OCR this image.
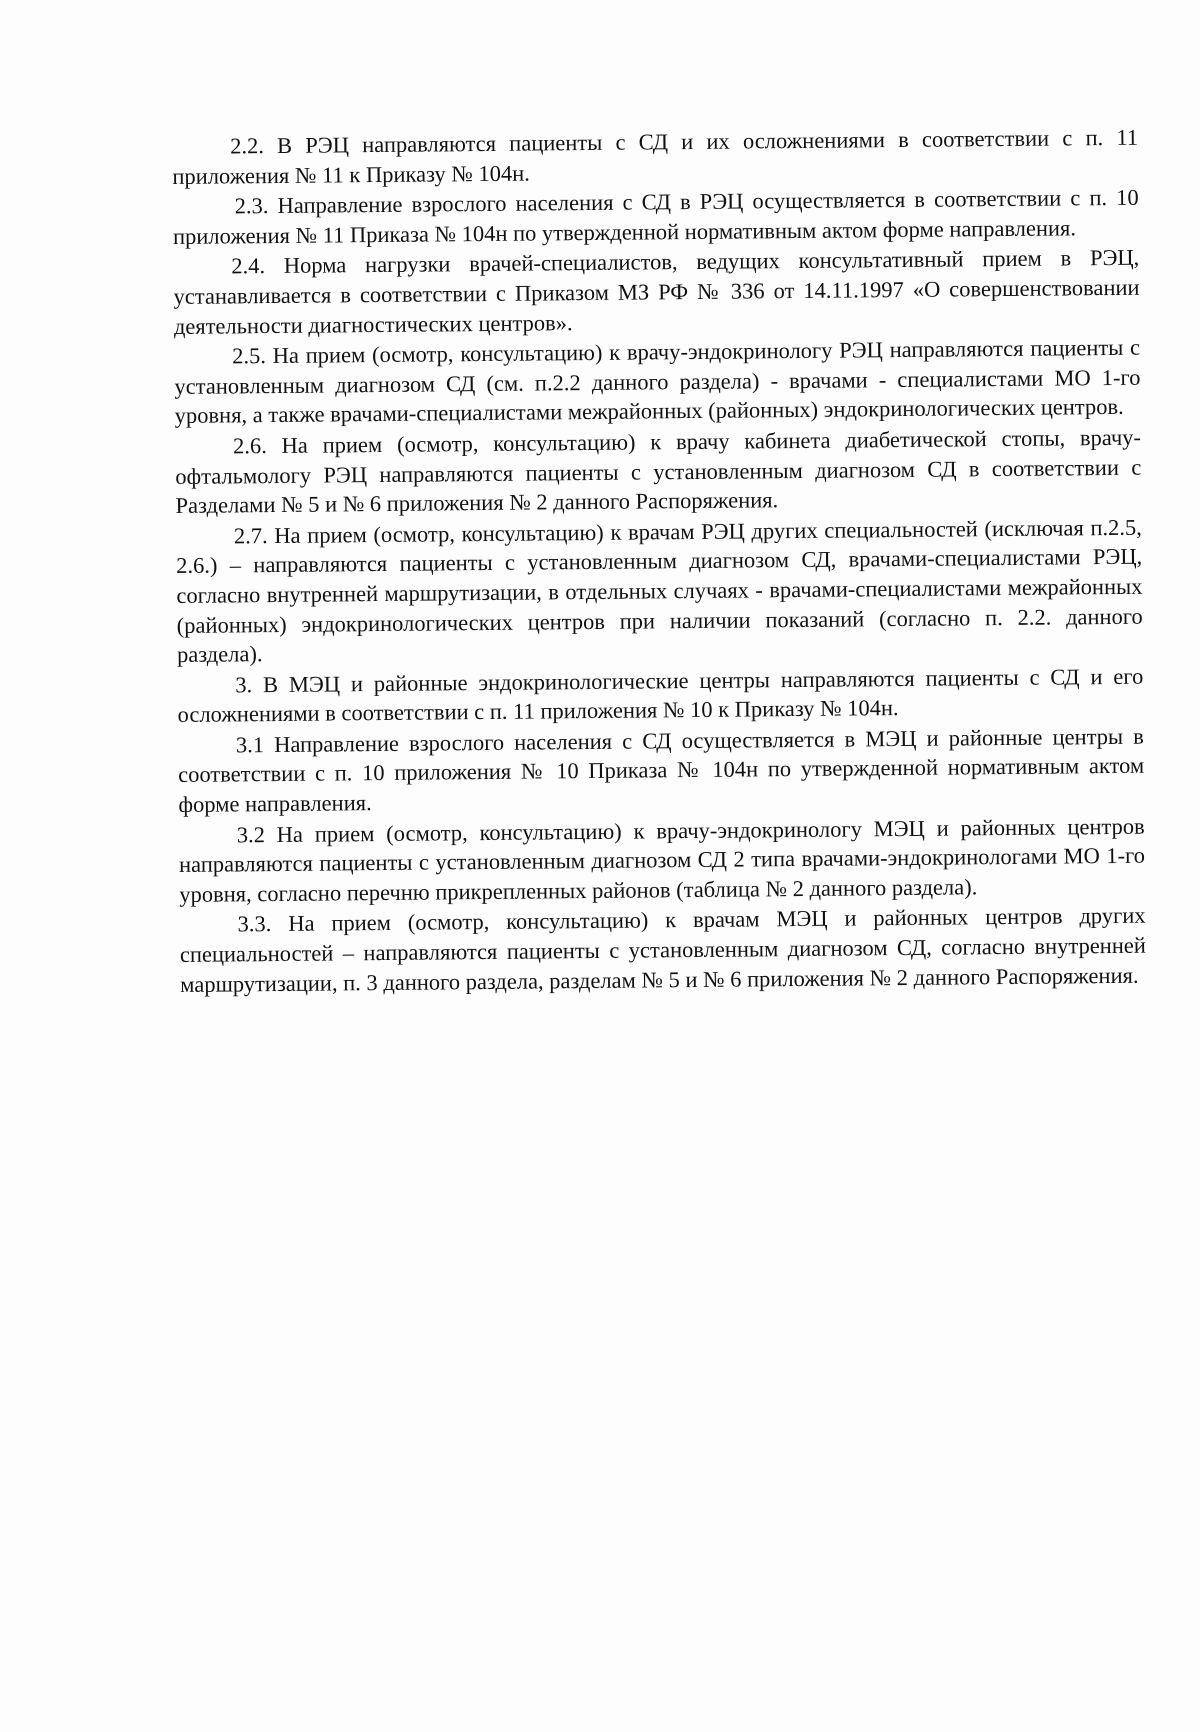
2.2. В РЭЦ направляются пациенты с СД и их осложнениями в соответствии с п. 11 приложения № 11 к Приказу № 104н.

2.3. Направление взрослого населения с СД в РЭЦ осуществляется в соответствии с п. 10 приложения № 11 Приказа № 104н по утвержденной нормативным актом форме направления.

2.4. Норма нагрузки врачей-специалистов, ведущих консультативный прием в РЭЦ, устанавливается в соответствии с Приказом МЗ РФ № 336 от 14.11.1997 «О совершенствовании деятельности диагностических центров».

2.5. На прием (осмотр, консультацию) к врачу-эндокринологу РЭЦ направляются пациенты с установленным диагнозом СД (см. п.2.2 данного раздела) - врачами - специалистами МО 1-го уровня, а также врачами-специалистами межрайонных (районных) эндокринологических центров.

2.6. На прием (осмотр, консультацию) к врачу кабинета диабетической стопы, врачу-офтальмологу РЭЦ направляются пациенты с установленным диагнозом СД в соответствии с Разделами № 5 и № 6 приложения № 2 данного Распоряжения.

2.7. На прием (осмотр, консультацию) к врачам РЭЦ других специальностей (исключая п.2.5, 2.6.) – направляются пациенты с установленным диагнозом СД, врачами-специалистами РЭЦ, согласно внутренней маршрутизации, в отдельных случаях - врачами-специалистами межрайонных (районных) эндокринологических центров при наличии показаний (согласно п. 2.2. данного раздела).

3. В МЭЦ и районные эндокринологические центры направляются пациенты с СД и его осложнениями в соответствии с п. 11 приложения № 10 к Приказу № 104н.

3.1 Направление взрослого населения с СД осуществляется в МЭЦ и районные центры в соответствии с п. 10 приложения № 10 Приказа № 104н по утвержденной нормативным актом форме направления.

3.2 На прием (осмотр, консультацию) к врачу-эндокринологу МЭЦ и районных центров направляются пациенты с установленным диагнозом СД 2 типа врачами-эндокринологами МО 1-го уровня, согласно перечню прикрепленных районов (таблица № 2 данного раздела).

3.3. На прием (осмотр, консультацию) к врачам МЭЦ и районных центров других специальностей – направляются пациенты с установленным диагнозом СД, согласно внутренней маршрутизации, п. 3 данного раздела, разделам № 5 и № 6 приложения № 2 данного Распоряжения.
